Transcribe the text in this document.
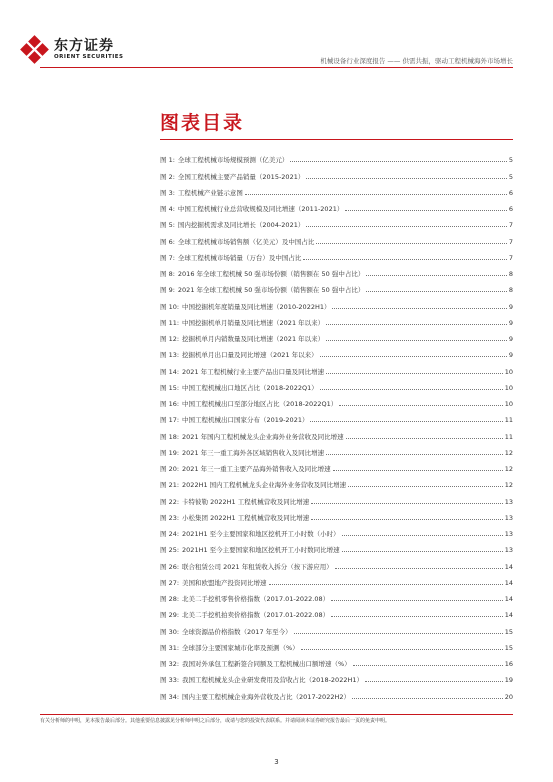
东方证券
ORIENT SECURITIES	机械设备行业深度报告 —— 供需共振，驱动工程机械海外市场增长
图表目录
图 1: 全球工程机械市场规模预测（亿美元）	5
图 2: 全国工程机械主要产品销量（2015-2021）	5
图 3: 工程机械产业链示意图	6
图 4: 中国工程机械行业总营收规模及同比增速（2011-2021）	6
图 5: 国内挖掘机需求及同比增长（2004-2021）	7
图 6: 全球工程机械市场销售额（亿美元）及中国占比	7
图 7: 全球工程机械市场销量（万台）及中国占比	7
图 8: 2016 年全球工程机械 50 强市场份额（销售额在 50 强中占比）	8
图 9: 2021 年全球工程机械 50 强市场份额（销售额在 50 强中占比）	8
图 10: 中国挖掘机年度销量及同比增速（2010-2022H1）	9
图 11: 中国挖掘机单月销量及同比增速（2021 年以来）	9
图 12: 挖掘机单月内销数量及同比增速（2021 年以来）	9
图 13: 挖掘机单月出口量及同比增速（2021 年以来）	9
图 14: 2021 年工程机械行业主要产品出口量及同比增速	10
图 15: 中国工程机械出口地区占比（2018-2022Q1）	10
图 16: 中国工程机械出口至部分地区占比（2018-2022Q1）	10
图 17: 中国工程机械出口国家分布（2019-2021）	11
图 18: 2021 年国内工程机械龙头企业海外业务营收及同比增速	11
图 19: 2021 年三一重工海外各区域销售收入及同比增速	12
图 20: 2021 年三一重工主要产品海外销售收入及同比增速	12
图 21: 2022H1 国内工程机械龙头企业海外业务营收及同比增速	12
图 22: 卡特彼勒 2022H1 工程机械营收及同比增速	13
图 23: 小松集团 2022H1 工程机械营收及同比增速	13
图 24: 2021H1 至今主要国家和地区挖机开工小时数（小时）	13
图 25: 2021H1 至今主要国家和地区挖机开工小时数同比增速	13
图 26: 联合租赁公司 2021 年租赁收入拆分（按下游应用）	14
图 27: 美国和欧盟地产投资同比增速	14
图 28: 北美二手挖机零售价格指数（2017.01-2022.08）	14
图 29: 北美二手挖机拍卖价格指数（2017.01-2022.08）	14
图 30: 全球资源品价格指数（2017 年至今）	15
图 31: 全球部分主要国家城市化率及预测（%）	15
图 32: 我国对外承包工程新签合同额及工程机械出口额增速（%）	16
图 33: 我国工程机械龙头企业研发费用及营收占比（2018-2022H1）	19
图 34: 国内主要工程机械企业海外营收及占比（2017-2022H2）	20
有关分析师的申明，见本报告最后部分。其他重要信息披露见分析师申明之后部分，或请与您的投资代表联系。并请阅读本证券研究报告最后一页的免责申明。
3
